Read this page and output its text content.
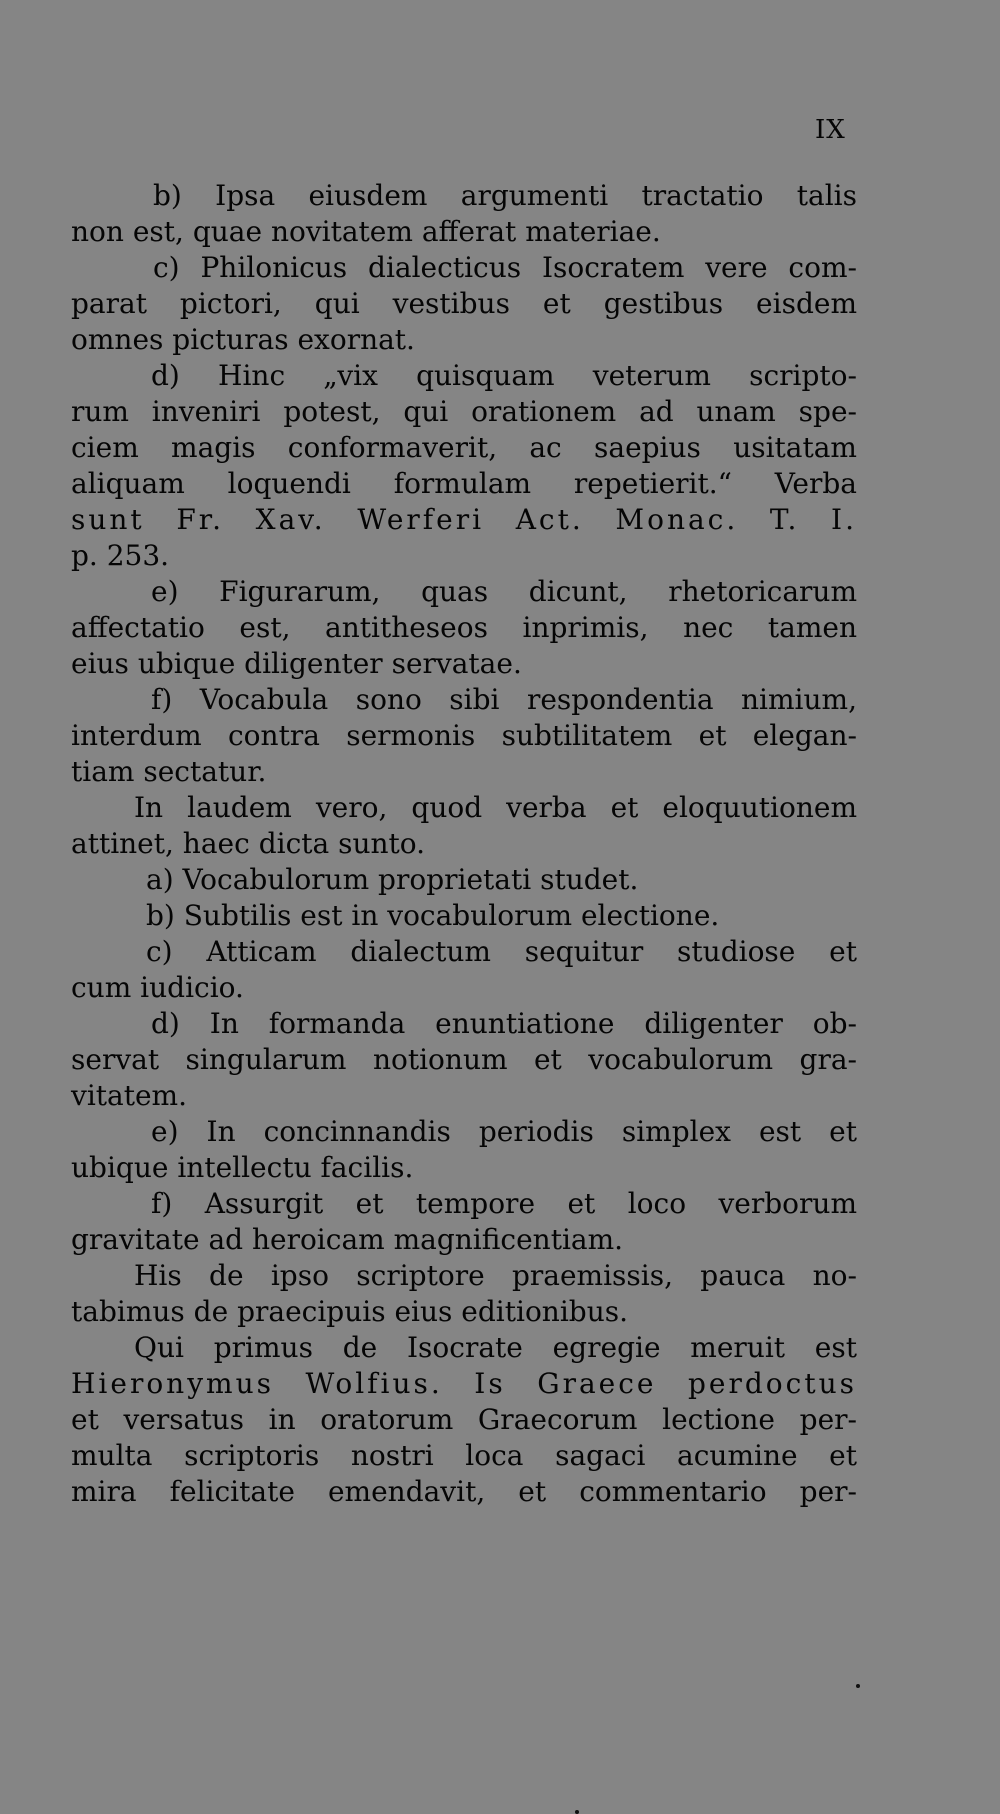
IX
b) Ipsa eiusdem argumenti tractatio talis
non est, quae novitatem afferat materiae.
c) Philonicus dialecticus Isocratem vere com-
parat pictori, qui vestibus et gestibus eisdem
omnes picturas exornat.
d) Hinc „vix quisquam veterum scripto-
rum inveniri potest, qui orationem ad unam spe-
ciem magis conformaverit, ac saepius usitatam
aliquam loquendi formulam repetierit.“ Verba
sunt Fr. Xav. Werferi Act. Monac. T. I.
p. 253.
e) Figurarum, quas dicunt, rhetoricarum
affectatio est, antitheseos inprimis, nec tamen
eius ubique diligenter servatae.
f) Vocabula sono sibi respondentia nimium,
interdum contra sermonis subtilitatem et elegan-
tiam sectatur.
In laudem vero, quod verba et eloquutionem
attinet, haec dicta sunto.
a) Vocabulorum proprietati studet.
b) Subtilis est in vocabulorum electione.
c) Atticam dialectum sequitur studiose et
cum iudicio.
d) In formanda enuntiatione diligenter ob-
servat singularum notionum et vocabulorum gra-
vitatem.
e) In concinnandis periodis simplex est et
ubique intellectu facilis.
f) Assurgit et tempore et loco verborum
gravitate ad heroicam magnificentiam.
His de ipso scriptore praemissis, pauca no-
tabimus de praecipuis eius editionibus.
Qui primus de Isocrate egregie meruit est
Hieronymus Wolfius. Is Graece perdoctus
et versatus in oratorum Graecorum lectione per-
multa scriptoris nostri loca sagaci acumine et
mira felicitate emendavit, et commentario per-
